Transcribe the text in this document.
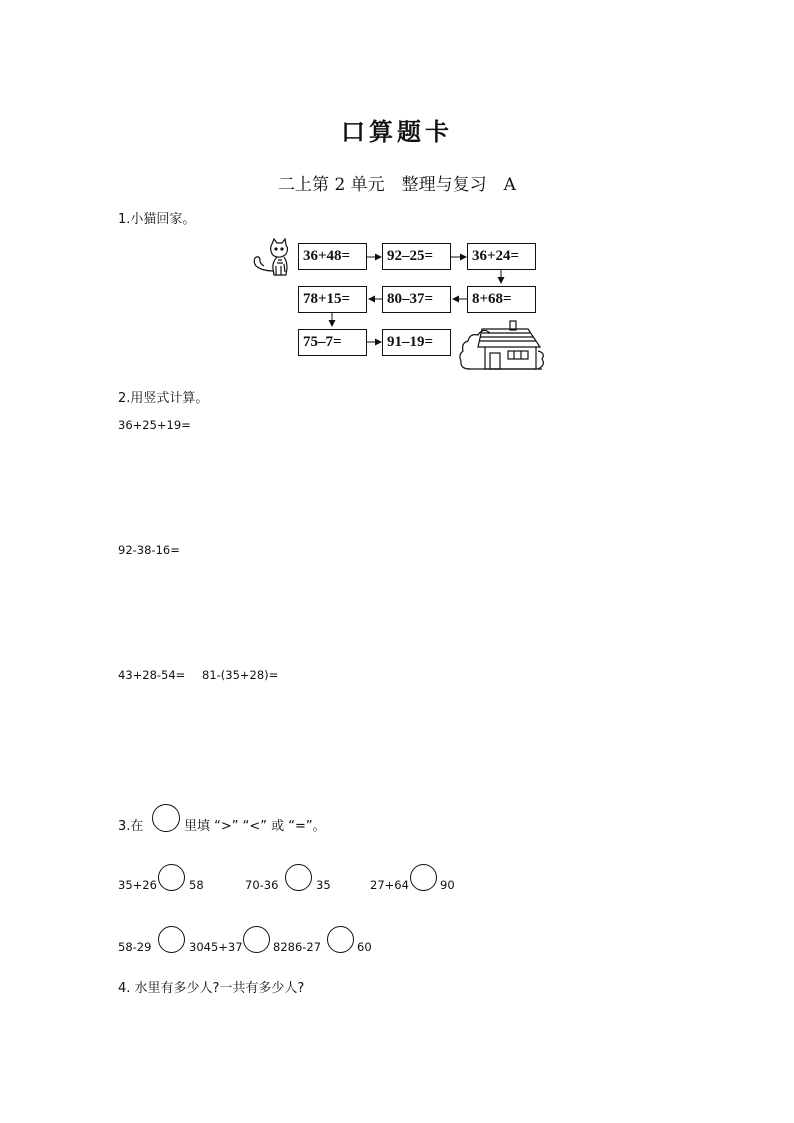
口算题卡
二上第 2 单元　整理与复习　A
1.小猫回家。
36+48=	92–25=	36+24=
8+68=
80–37=
78+15=
75–7=	91–19=
2.用竖式计算。
36+25+19=
92-38-16=
43+28-54= 81-(35+28)=
3.在	里填 “>” “<” 或 “=”。
35+26	58	70-36	35	27+64	90
58-29	3045+37	8286-27	60
4. 水里有多少人?一共有多少人?
